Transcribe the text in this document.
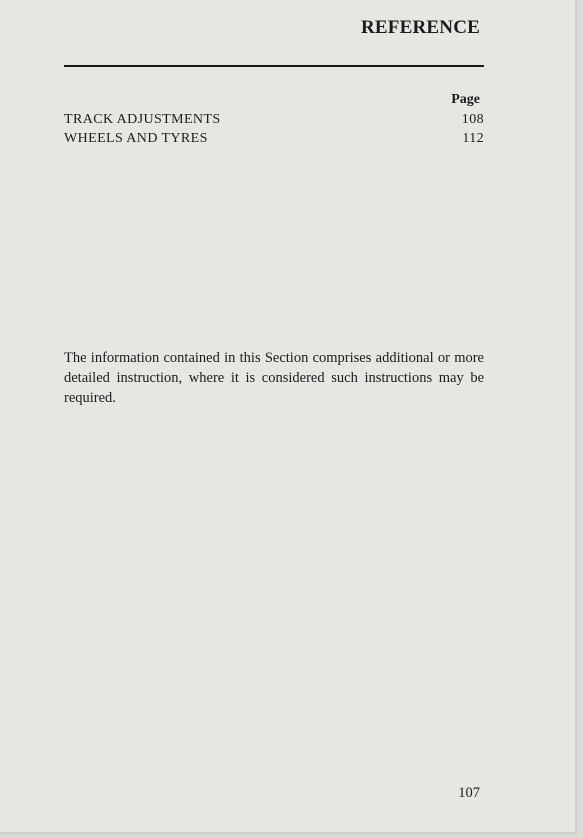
REFERENCE
Page
TRACK ADJUSTMENTS	108
WHEELS AND TYRES	112

The information contained in this Section comprises additional or more detailed instruction, where it is considered such instructions may be required.

107
